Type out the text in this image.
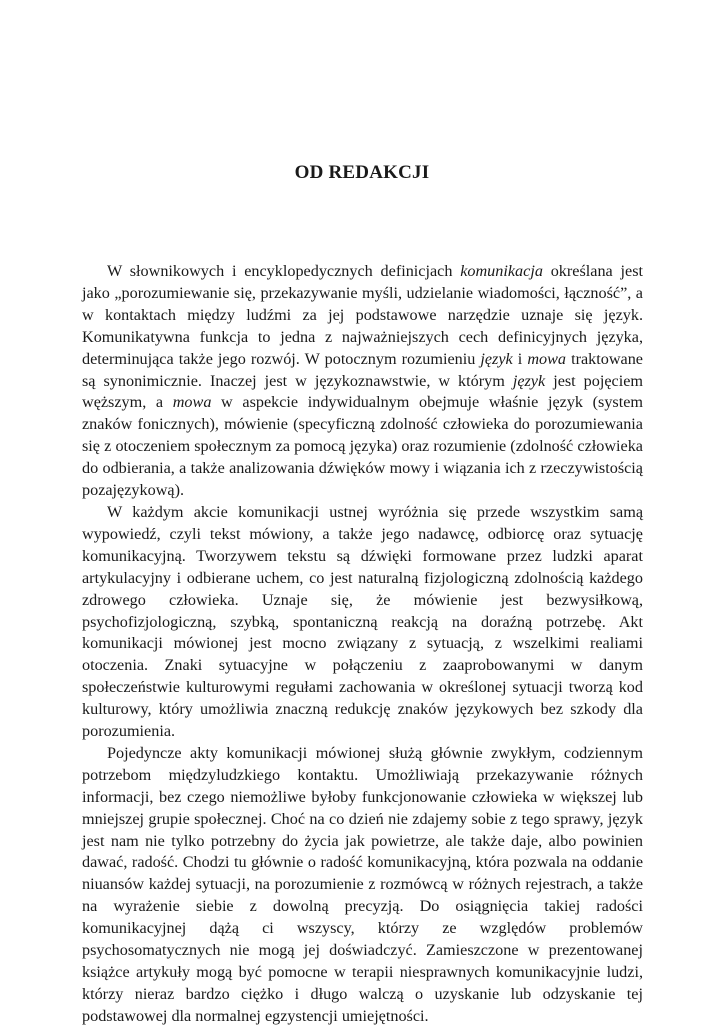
OD REDAKCJI

W słownikowych i encyklopedycznych definicjach komunikacja określana jest jako „porozumiewanie się, przekazywanie myśli, udzielanie wiadomości, łączność”, a w kontaktach między ludźmi za jej podstawowe narzędzie uznaje się język. Komunikatywna funkcja to jedna z najważniejszych cech definicyjnych języka, determinująca także jego rozwój. W potocznym rozumieniu język i mowa traktowane są synonimicznie. Inaczej jest w językoznawstwie, w którym język jest pojęciem węższym, a mowa w aspekcie indywidualnym obejmuje właśnie język (system znaków fonicznych), mówienie (specyficzną zdolność człowieka do porozumiewania się z otoczeniem społecznym za pomocą języka) oraz rozumienie (zdolność człowieka do odbierania, a także analizowania dźwięków mowy i wiązania ich z rzeczywistością pozajęzykową).

W każdym akcie komunikacji ustnej wyróżnia się przede wszystkim samą wypowiedź, czyli tekst mówiony, a także jego nadawcę, odbiorcę oraz sytuację komunikacyjną. Tworzywem tekstu są dźwięki formowane przez ludzki aparat artykulacyjny i odbierane uchem, co jest naturalną fizjologiczną zdolnością każdego zdrowego człowieka. Uznaje się, że mówienie jest bezwysiłkową, psychofizjologiczną, szybką, spontaniczną reakcją na doraźną potrzebę. Akt komunikacji mówionej jest mocno związany z sytuacją, z wszelkimi realiami otoczenia. Znaki sytuacyjne w połączeniu z zaaprobowanymi w danym społeczeństwie kulturowymi regułami zachowania w określonej sytuacji tworzą kod kulturowy, który umożliwia znaczną redukcję znaków językowych bez szkody dla porozumienia.

Pojedyncze akty komunikacji mówionej służą głównie zwykłym, codziennym potrzebom międzyludzkiego kontaktu. Umożliwiają przekazywanie różnych informacji, bez czego niemożliwe byłoby funkcjonowanie człowieka w większej lub mniejszej grupie społecznej. Choć na co dzień nie zdajemy sobie z tego sprawy, język jest nam nie tylko potrzebny do życia jak powietrze, ale także daje, albo powinien dawać, radość. Chodzi tu głównie o radość komunikacyjną, która pozwala na oddanie niuansów każdej sytuacji, na porozumienie z rozmówcą w różnych rejestrach, a także na wyrażenie siebie z dowolną precyzją. Do osiągnięcia takiej radości komunikacyjnej dążą ci wszyscy, którzy ze względów problemów psychosomatycznych nie mogą jej doświadczyć. Zamieszczone w prezentowanej książce artykuły mogą być pomocne w terapii niesprawnych komunikacyjnie ludzi, którzy nieraz bardzo ciężko i długo walczą o uzyskanie lub odzyskanie tej podstawowej dla normalnej egzystencji umiejętności.
